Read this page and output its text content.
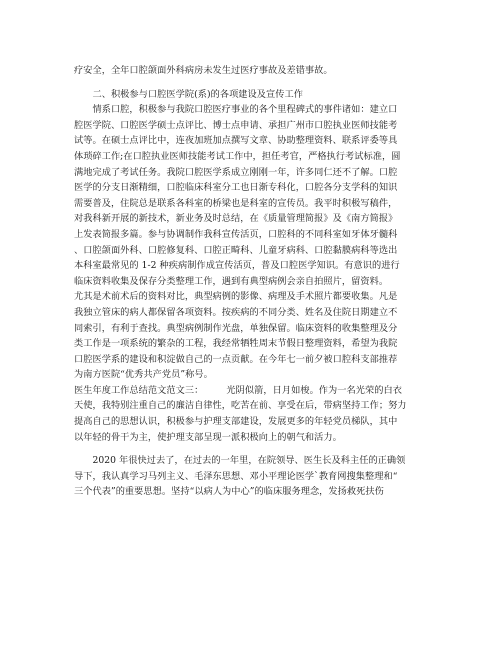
疗安全，全年口腔颌面外科病房未发生过医疗事故及差错事故。
　　二、积极参与口腔医学院(系)的各项建设及宣传工作
　　情系口腔，积极参与我院口腔医疗事业的各个里程碑式的事件诸如：建立口
腔医学院、口腔医学硕士点评比、博士点申请、承担广州市口腔执业医师技能考
试等。在硕士点评比中，连夜加班加点撰写文章、协助整理资料、联系评委等具
体琐碎工作;在口腔执业医师技能考试工作中，担任考官，严格执行考试标准，圆
满地完成了考试任务。我院口腔医学系成立刚刚一年，许多同仁还不了解。口腔
医学的分支日渐精细，口腔临床科室分工也日渐专科化，口腔各分支学科的知识
需要普及，住院总是联系各科室的桥梁也是科室的宣传员。我平时积极写稿件，
对我科新开展的新技术，新业务及时总结，在《质量管理简报》及《南方简报》
上发表简报多篇。参与协调制作我科宣传活页，口腔科的不同科室如牙体牙髓科
、口腔颌面外科、口腔修复科、口腔正畸科、儿童牙病科、口腔黏膜病科等选出
本科室最常见的 1-2 种疾病制作成宣传活页，普及口腔医学知识。有意识的进行
临床资料收集及保存分类整理工作，遇到有典型病例会亲自拍照片，留资料。
尤其是术前术后的资料对比，典型病例的影像、病理及手术照片都要收集。凡是
我独立管床的病人都保留各项资料。按疾病的不同分类、姓名及住院日期建立不
同索引，有利于查找。典型病例制作光盘，单独保留。临床资料的收集整理及分
类工作是一项系统的繁杂的工程，我经常牺牲周末节假日整理资料，希望为我院
口腔医学系的建设和积淀做自己的一点贡献。在今年七一前夕被口腔科支部推荐
为南方医院“优秀共产党员”称号。
医生年度工作总结范文范文三：　　　光阴似箭，日月如梭。作为一名光荣的白衣
天使，我特别注重自己的廉洁自律性，吃苦在前、享受在后，带病坚持工作；努力
提高自己的思想认识，积极参与护理支部建设，发展更多的年轻党员梯队，其中
以年轻的骨干为主，使护理支部呈现一派积极向上的朝气和活力。
　　2020 年很快过去了，在过去的一年里，在院领导、医生长及科主任的正确领
导下，我认真学习马列主义、毛泽东思想、邓小平理论医学`教育网搜集整理和“
三个代表”的重要思想。坚持“以病人为中心”的临床服务理念，发扬救死扶伤
